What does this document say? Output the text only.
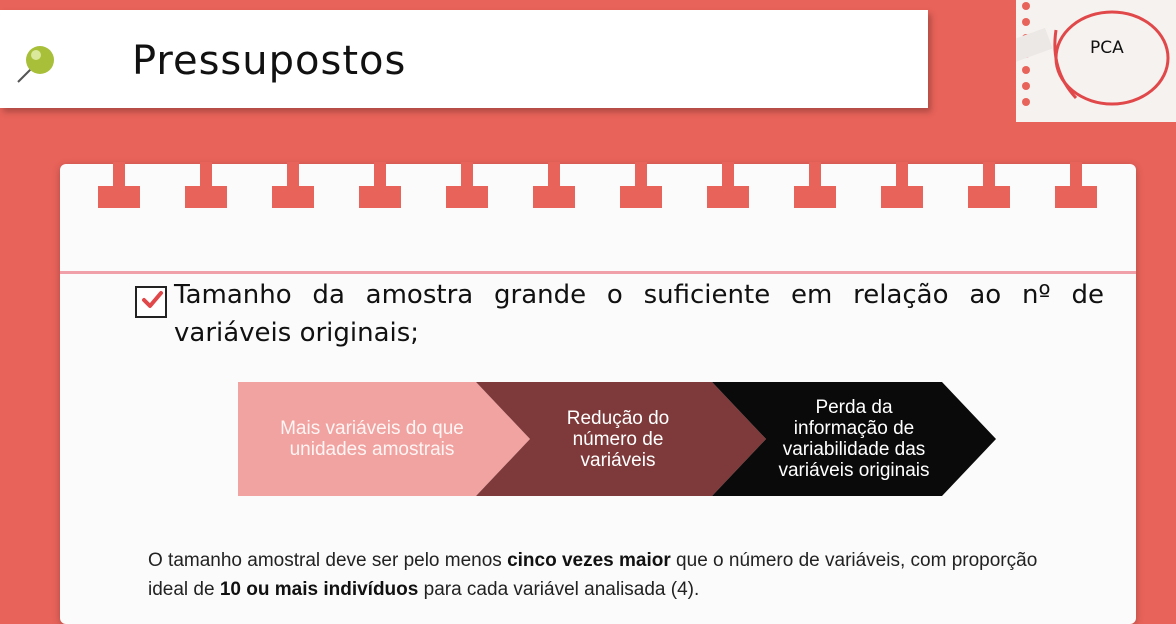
Pressupostos	PCA
Tamanho da amostra grande o suficiente em relação ao nº de variáveis originais;
Mais variáveis do que unidades amostrais
Redução do número de variáveis
Perda da informação de variabilidade das variáveis originais
O tamanho amostral deve ser pelo menos cinco vezes maior que o número de variáveis, com proporção ideal de 10 ou mais indivíduos para cada variável analisada (4).
